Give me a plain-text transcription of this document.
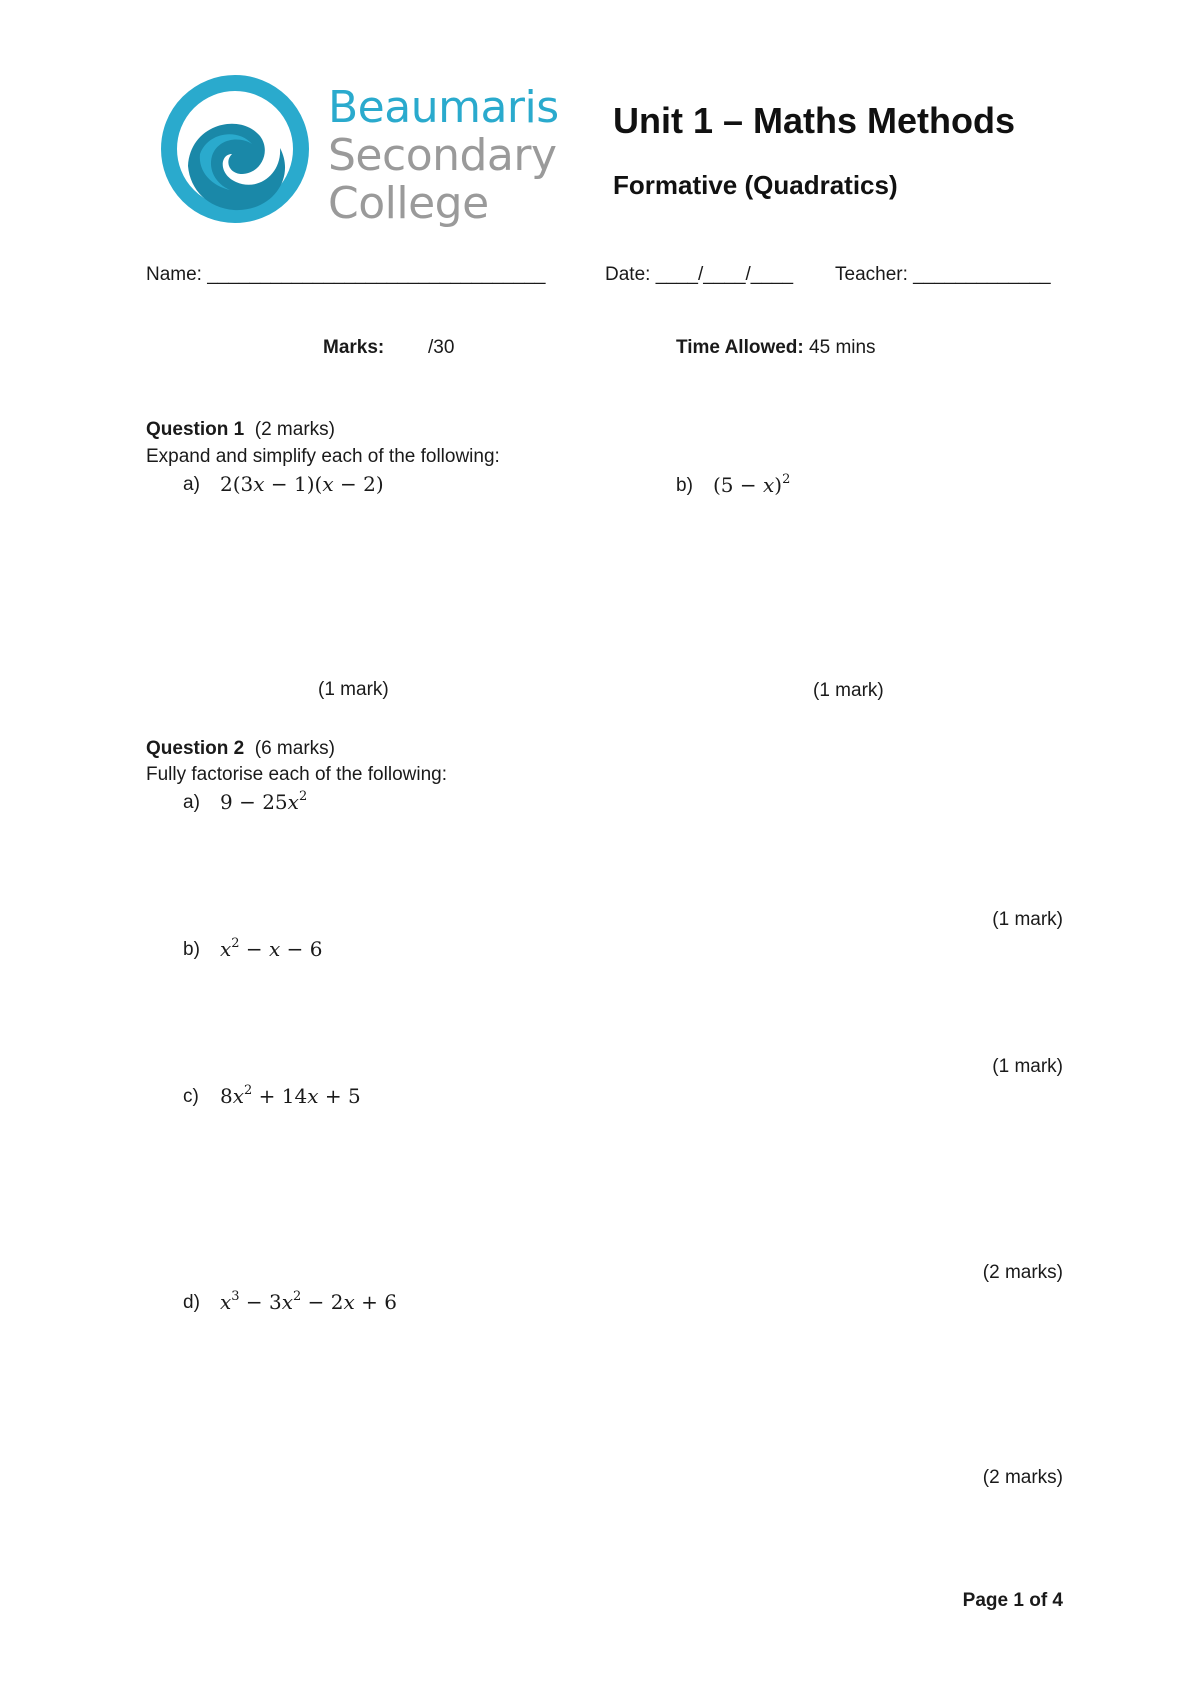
Beaumaris
Secondary
College
Unit 1 – Maths Methods
Formative (Quadratics)
Name: ________________________________	Date: ____/____/____ Teacher: _____________
Marks: /30	Time Allowed: 45 mins
Question 1 (2 marks)
Expand and simplify each of the following:
a) 2(3x − 1)(x − 2)	b) $(5 - x)^2$
(1 mark)	(1 mark)
Question 2 (6 marks)
Fully factorise each of the following:
a) $9 - 25x^2$
(1 mark)
b) $x^2 - x - 6$
(1 mark)
c) $8x^2 + 14x + 5$
(2 marks)
d) $x^3 - 3x^2 - 2x + 6$
(2 marks)
Page 1 of 4
